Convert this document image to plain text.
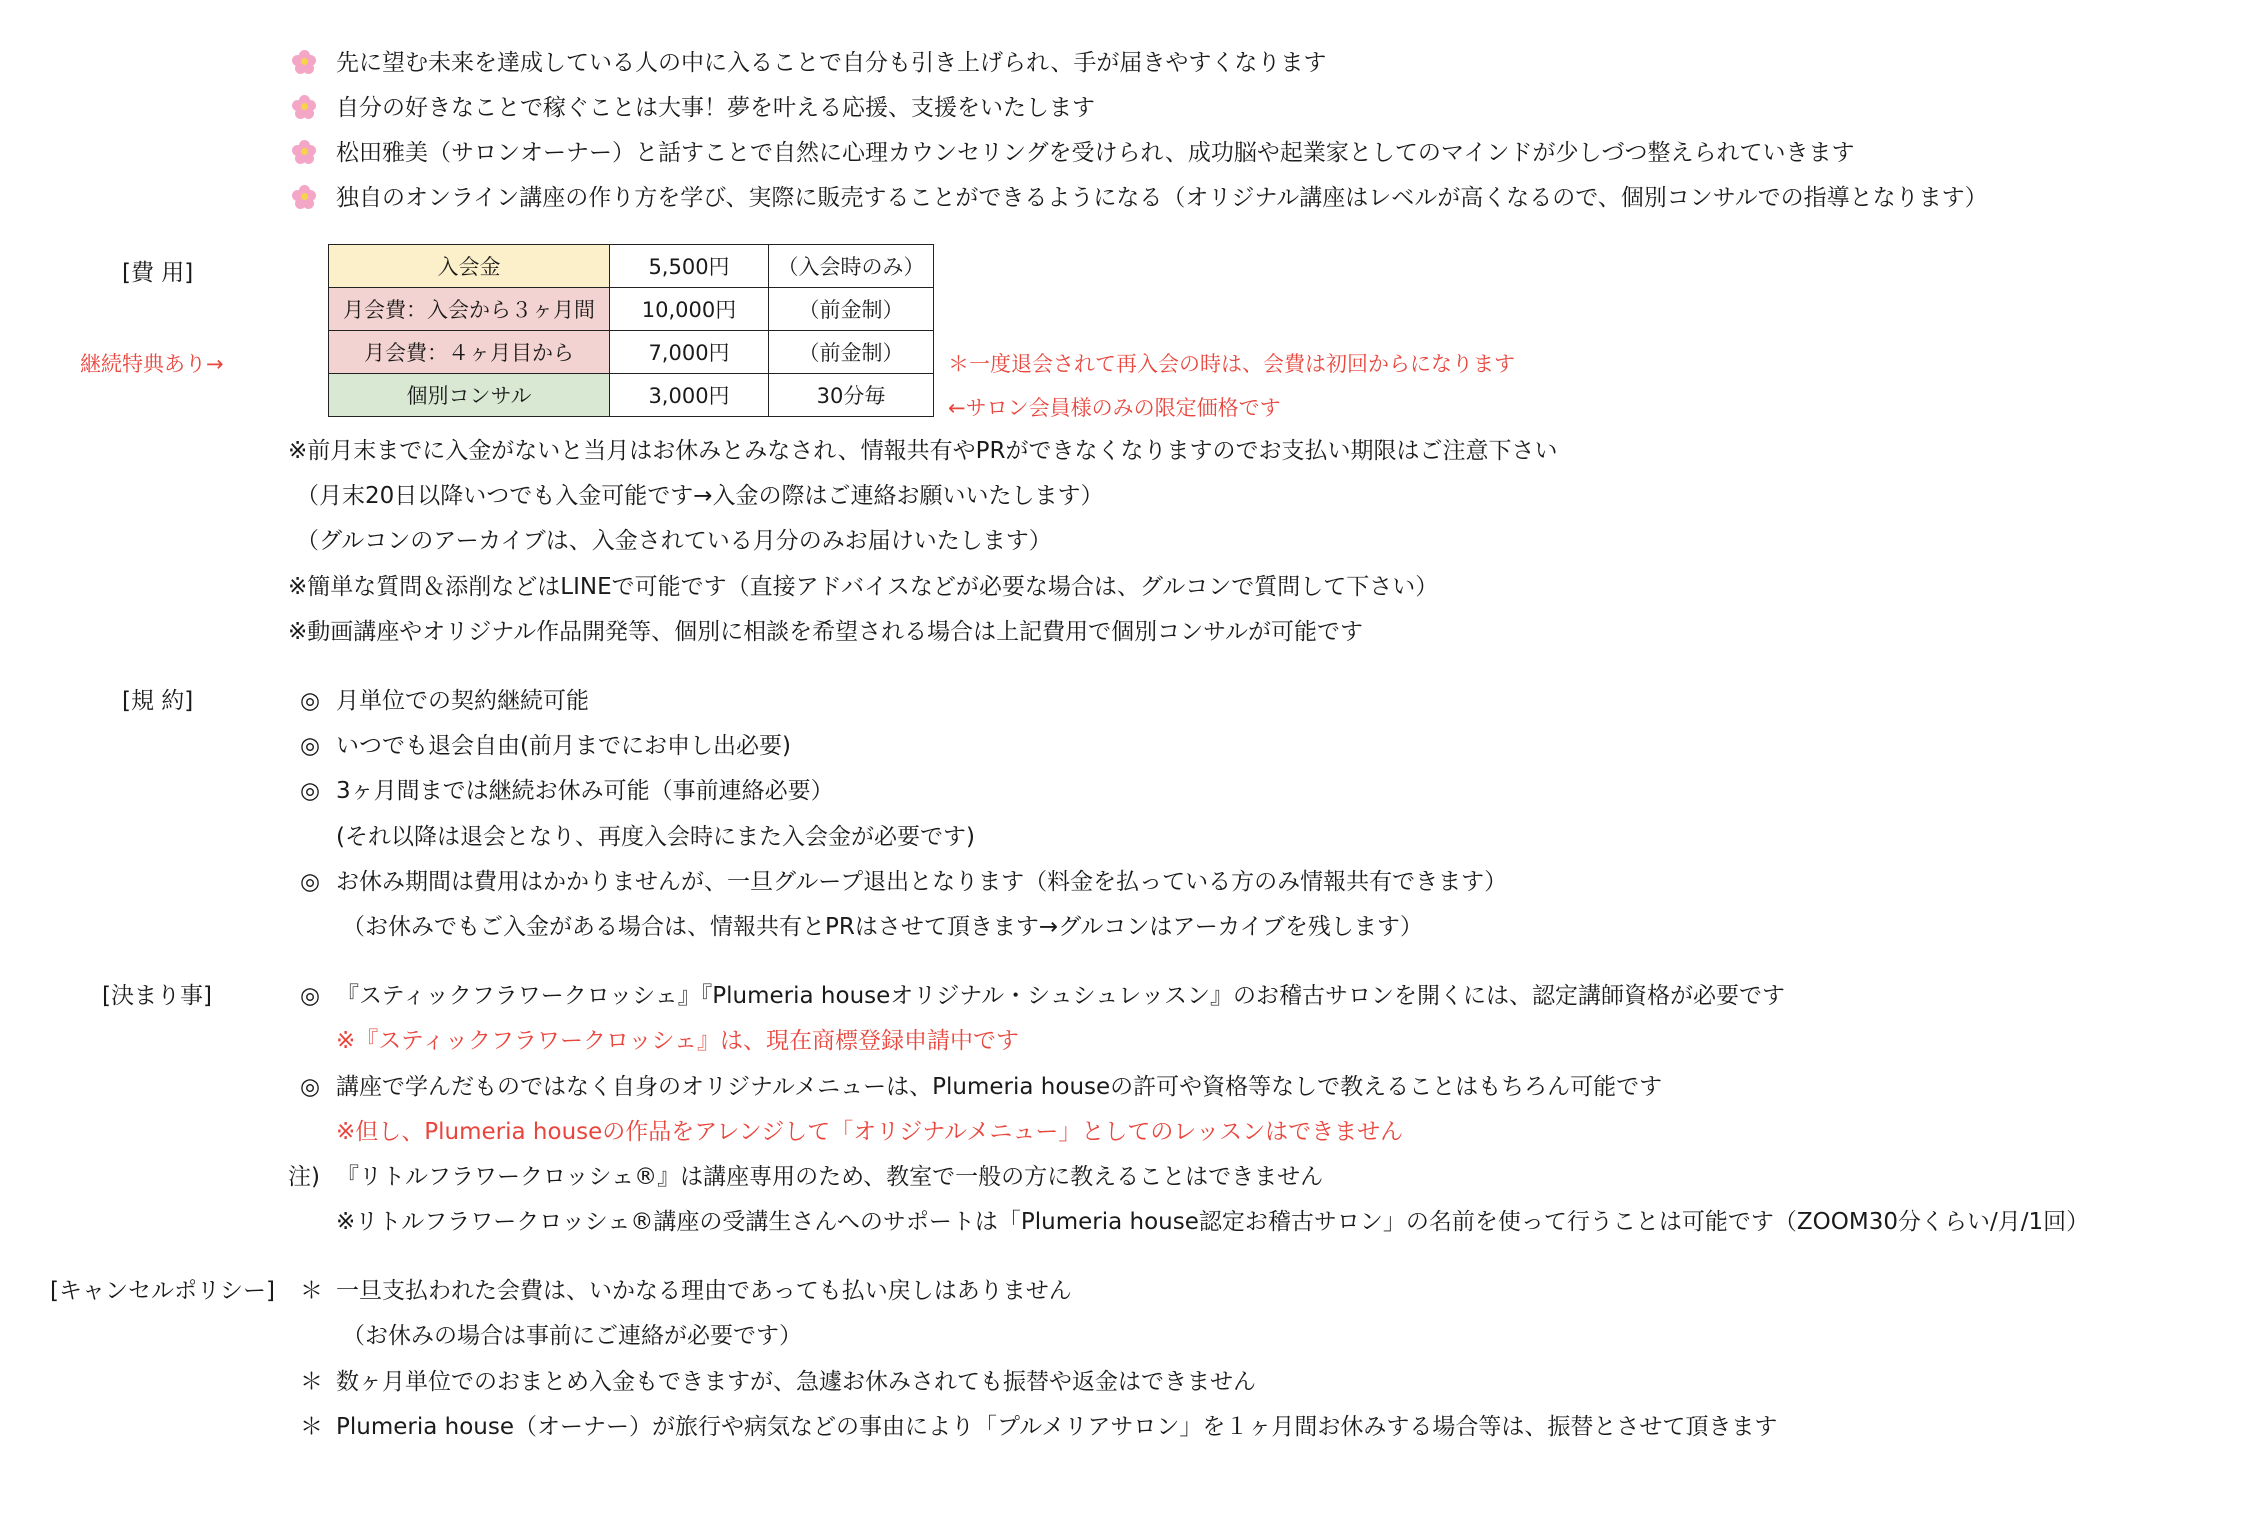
先に望む未来を達成している人の中に入ることで自分も引き上げられ、手が届きやすくなります
自分の好きなことで稼ぐことは大事！夢を叶える応援、支援をいたします
松田雅美（サロンオーナー）と話すことで自然に心理カウンセリングを受けられ、成功脳や起業家としてのマインドが少しづつ整えられていきます
独自のオンライン講座の作り方を学び、実際に販売することができるようになる（オリジナル講座はレベルが高くなるので、個別コンサルでの指導となります）
[費 用]
継続特典あり→
入会金	5,500円	（入会時のみ）
月会費：入会から３ヶ月間	10,000円	（前金制）
月会費：４ヶ月目から	7,000円	（前金制）
個別コンサル	3,000円	30分毎
＊一度退会されて再入会の時は、会費は初回からになります
←サロン会員様のみの限定価格です
※前月末までに入金がないと当月はお休みとみなされ、情報共有やPRができなくなりますのでお支払い期限はご注意下さい
（月末20日以降いつでも入金可能です→入金の際はご連絡お願いいたします）
（グルコンのアーカイブは、入金されている月分のみお届けいたします）
※簡単な質問＆添削などはLINEで可能です（直接アドバイスなどが必要な場合は、グルコンで質問して下さい）
※動画講座やオリジナル作品開発等、個別に相談を希望される場合は上記費用で個別コンサルが可能です
[規 約]	◎ 月単位での契約継続可能
◎ いつでも退会自由(前月までにお申し出必要)
◎ 3ヶ月間までは継続お休み可能（事前連絡必要）
(それ以降は退会となり、再度入会時にまた入会金が必要です)
◎ お休み期間は費用はかかりませんが、一旦グループ退出となります（料金を払っている方のみ情報共有できます）
（お休みでもご入金がある場合は、情報共有とPRはさせて頂きます→グルコンはアーカイブを残します）
[決まり事]	◎ 『スティックフラワークロッシェ』『Plumeria houseオリジナル・シュシュレッスン』のお稽古サロンを開くには、認定講師資格が必要です
※『スティックフラワークロッシェ』は、現在商標登録申請中です
◎ 講座で学んだものではなく自身のオリジナルメニューは、Plumeria houseの許可や資格等なしで教えることはもちろん可能です
※但し、Plumeria houseの作品をアレンジして「オリジナルメニュー」としてのレッスンはできません
注) 『リトルフラワークロッシェ®』は講座専用のため、教室で一般の方に教えることはできません
※リトルフラワークロッシェ®講座の受講生さんへのサポートは「Plumeria house認定お稽古サロン」の名前を使って行うことは可能です（ZOOM30分くらい/月/1回）
[キャンセルポリシー] ＊ 一旦支払われた会費は、いかなる理由であっても払い戻しはありません
（お休みの場合は事前にご連絡が必要です）
＊ 数ヶ月単位でのおまとめ入金もできますが、急遽お休みされても振替や返金はできません
＊ Plumeria house（オーナー）が旅行や病気などの事由により「プルメリアサロン」を１ヶ月間お休みする場合等は、振替とさせて頂きます
